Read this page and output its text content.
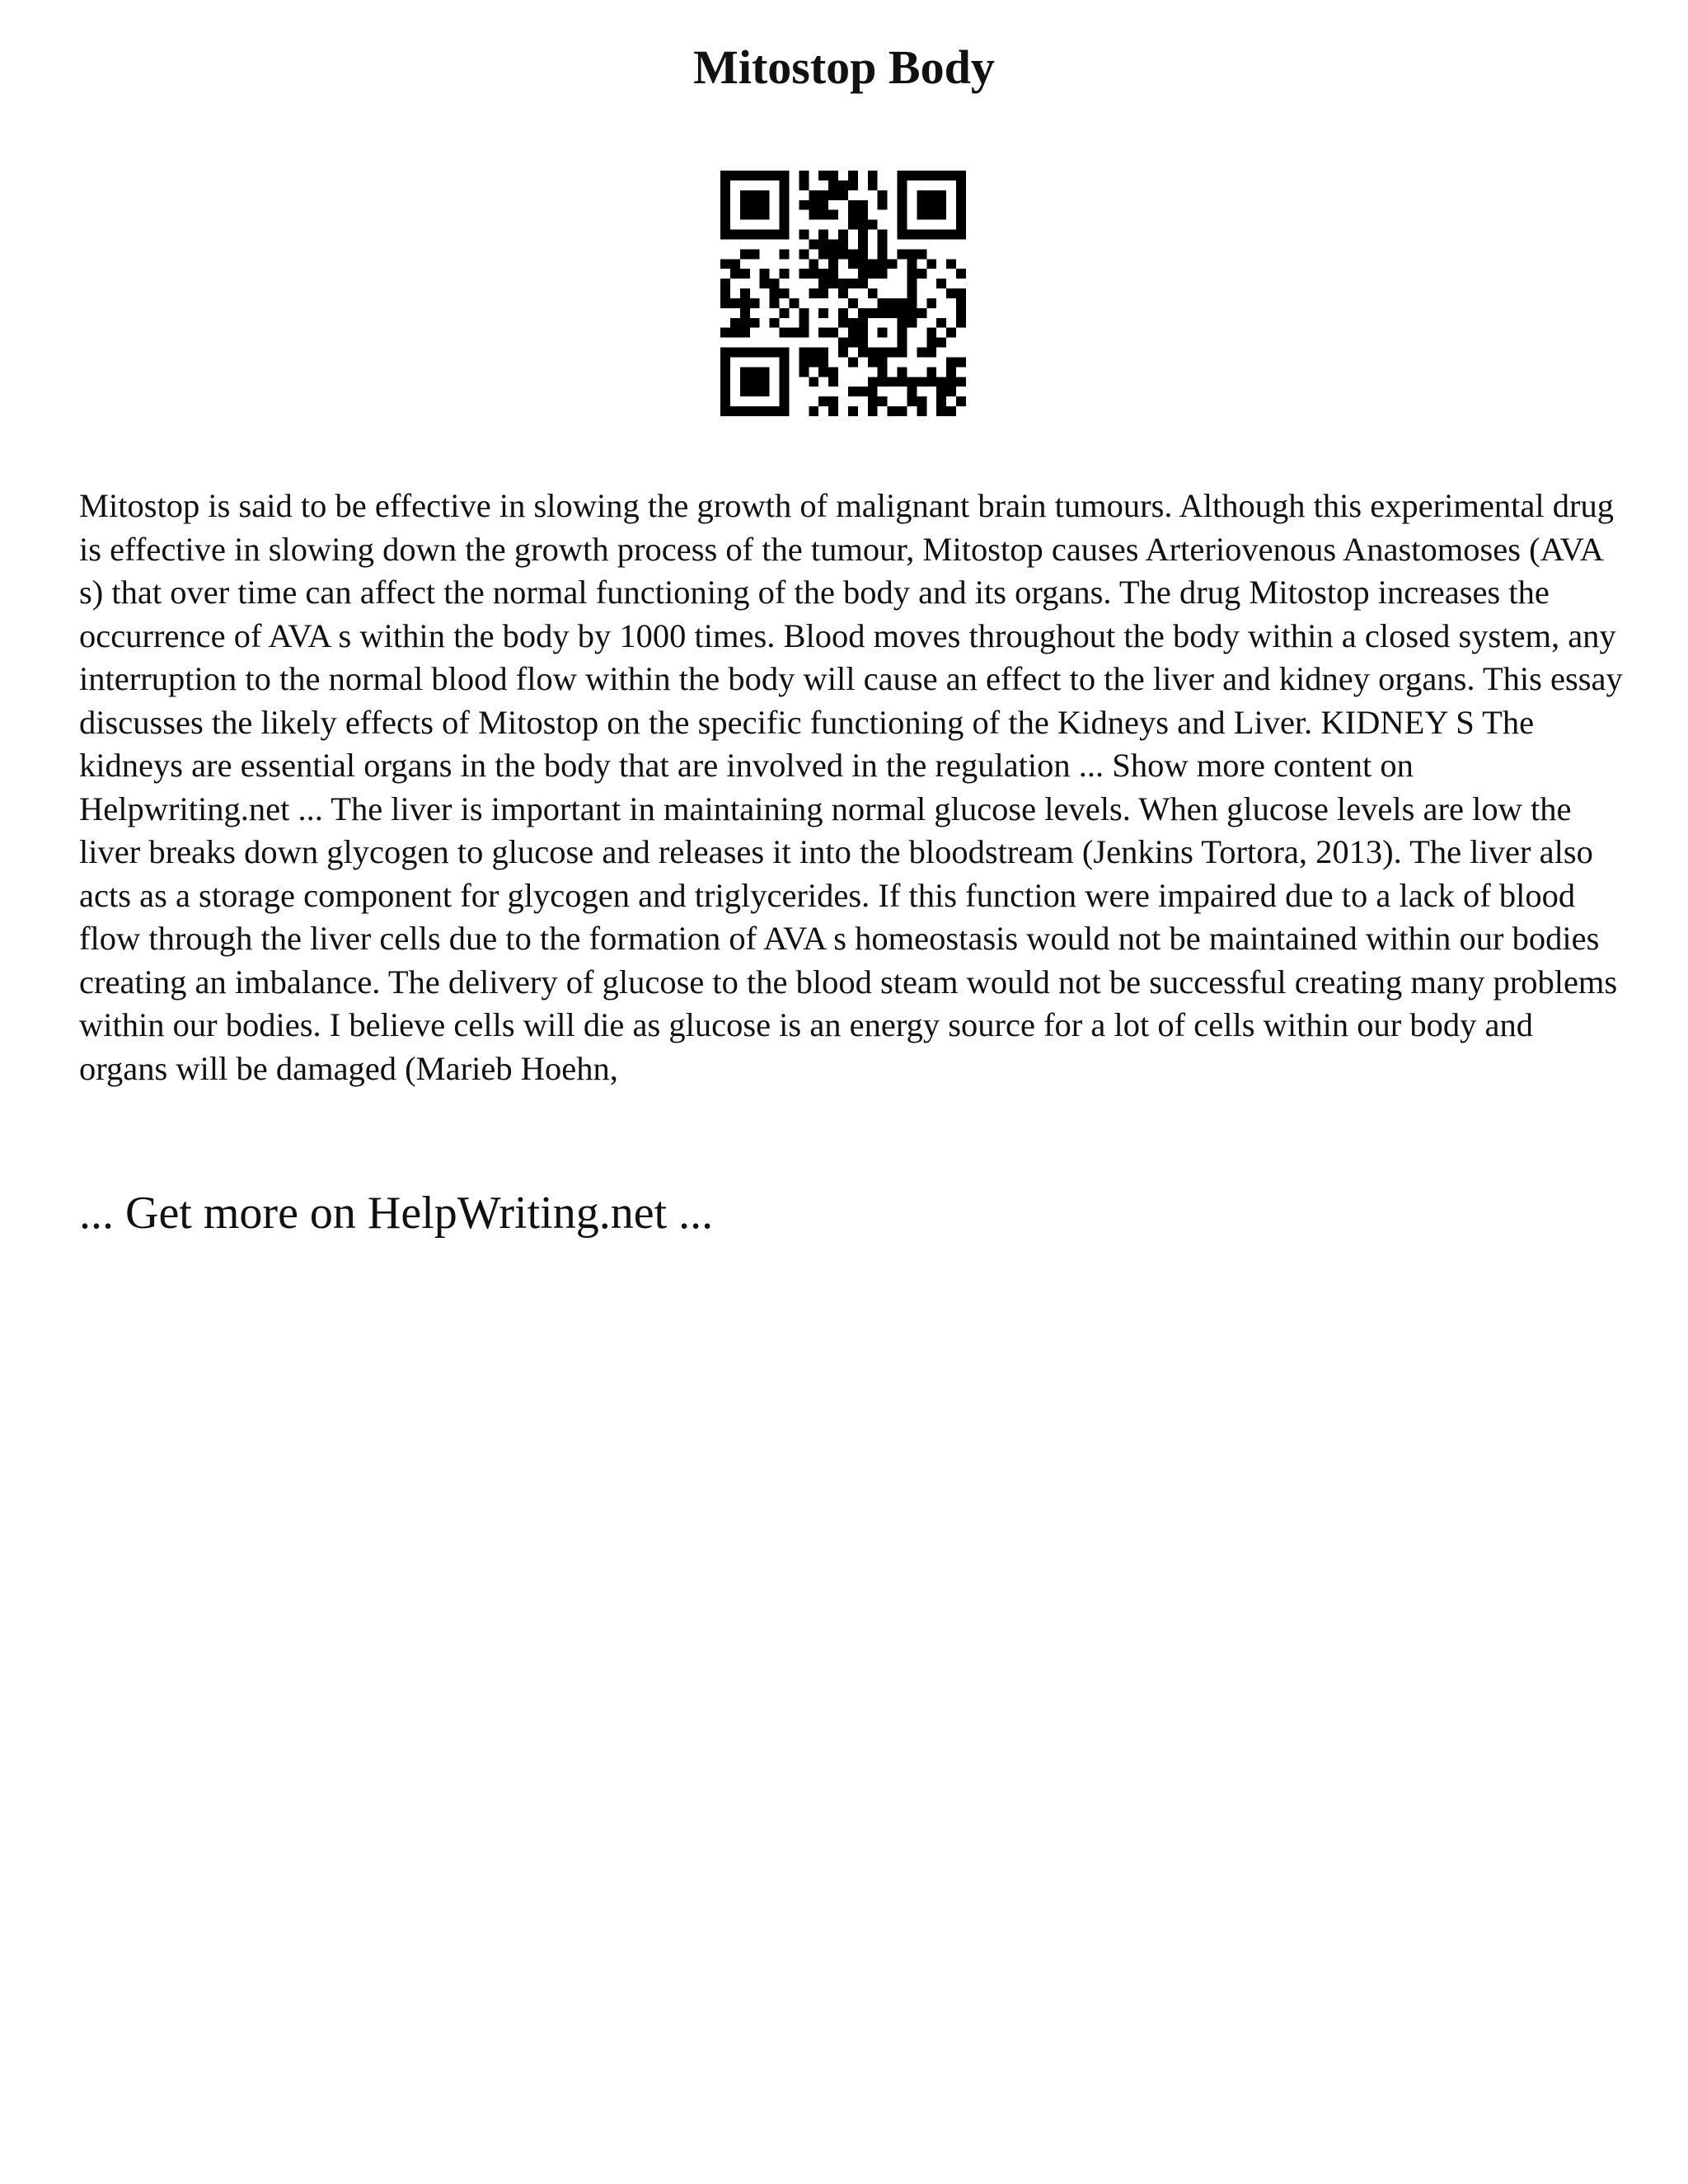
Mitostop Body

Mitostop is said to be effective in slowing the growth of malignant brain tumours. Although this experimental drug is effective in slowing down the growth process of the tumour, Mitostop causes Arteriovenous Anastomoses (AVA s) that over time can affect the normal functioning of the body and its organs. The drug Mitostop increases the occurrence of AVA s within the body by 1000 times. Blood moves throughout the body within a closed system, any interruption to the normal blood flow within the body will cause an effect to the liver and kidney organs. This essay discusses the likely effects of Mitostop on the specific functioning of the Kidneys and Liver. KIDNEY S The kidneys are essential organs in the body that are involved in the regulation ... Show more content on Helpwriting.net ... The liver is important in maintaining normal glucose levels. When glucose levels are low the liver breaks down glycogen to glucose and releases it into the bloodstream (Jenkins Tortora, 2013). The liver also acts as a storage component for glycogen and triglycerides. If this function were impaired due to a lack of blood flow through the liver cells due to the formation of AVA s homeostasis would not be maintained within our bodies creating an imbalance. The delivery of glucose to the blood steam would not be successful creating many problems within our bodies. I believe cells will die as glucose is an energy source for a lot of cells within our body and organs will be damaged (Marieb Hoehn,

... Get more on HelpWriting.net ...
